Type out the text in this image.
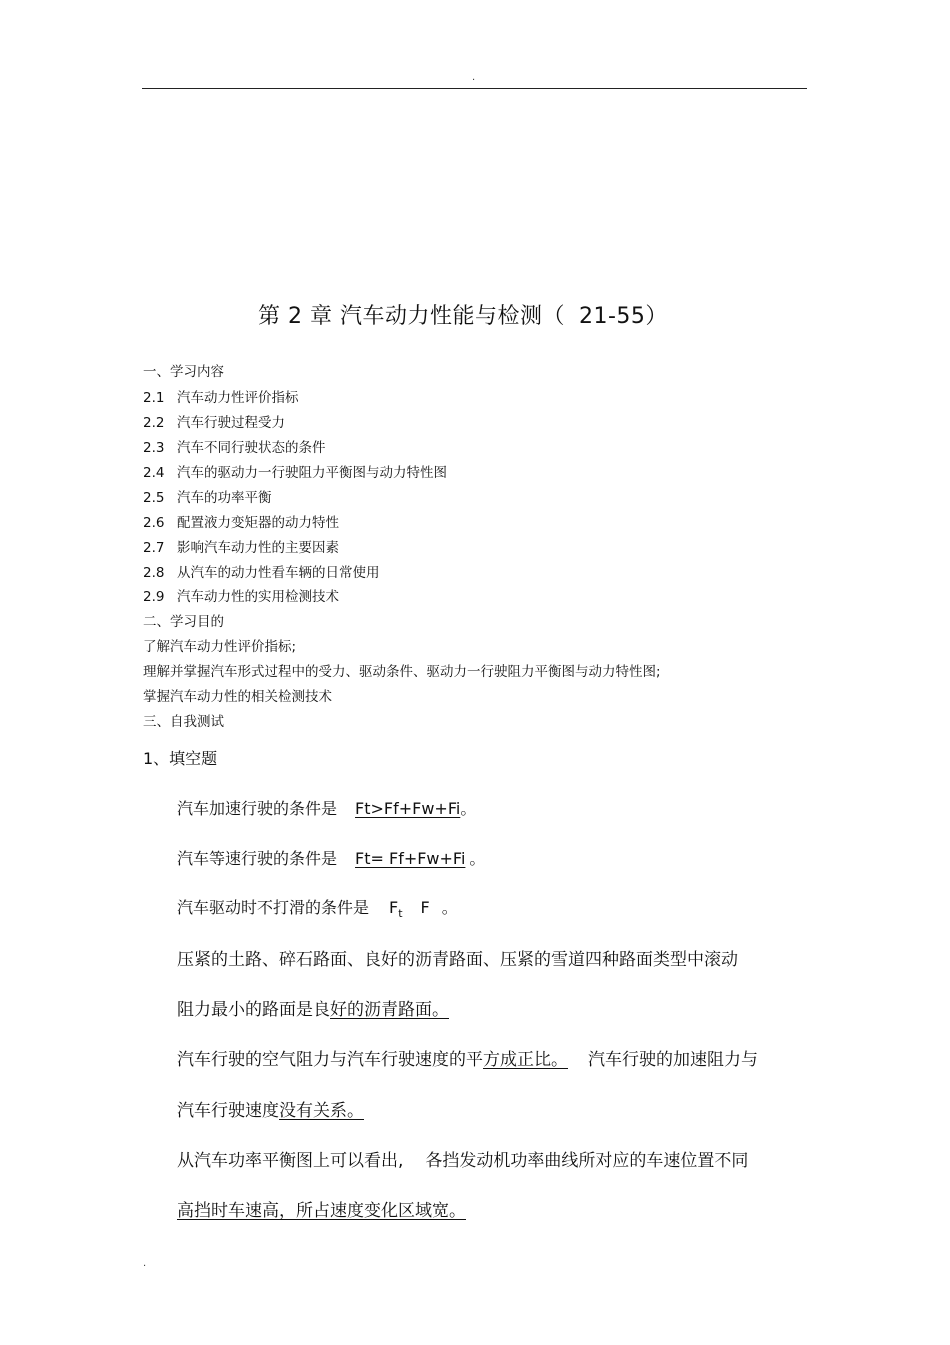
.
第 2 章 汽车动力性能与检测（ 21-55）
一、学习内容
2.1 汽车动力性评价指标
2.2 汽车行驶过程受力
2.3 汽车不同行驶状态的条件
2.4 汽车的驱动力一行驶阻力平衡图与动力特性图
2.5 汽车的功率平衡
2.6 配置液力变矩器的动力特性
2.7 影响汽车动力性的主要因素
2.8 从汽车的动力性看车辆的日常使用
2.9 汽车动力性的实用检测技术
二、学习目的
了解汽车动力性评价指标;
理解并掌握汽车形式过程中的受力、驱动条件、驱动力一行驶阻力平衡图与动力特性图;
掌握汽车动力性的相关检测技术
三、自我测试
1、填空题
汽车加速行驶的条件是 Ft>Ff+Fw+Fi。
汽车等速行驶的条件是 Ft= Ff+Fw+Fi 。
汽车驱动时不打滑的条件是 $F_t$ F 。
压紧的土路、碎石路面、良好的沥青路面、压紧的雪道四种路面类型中滚动
阻力最小的路面是良好的沥青路面。
汽车行驶的空气阻力与汽车行驶速度的平方成正比。 汽车行驶的加速阻力与
汽车行驶速度没有关系。
从汽车功率平衡图上可以看出, 各挡发动机功率曲线所对应的车速位置不同
高挡时车速高，所占速度变化区域宽。
.
